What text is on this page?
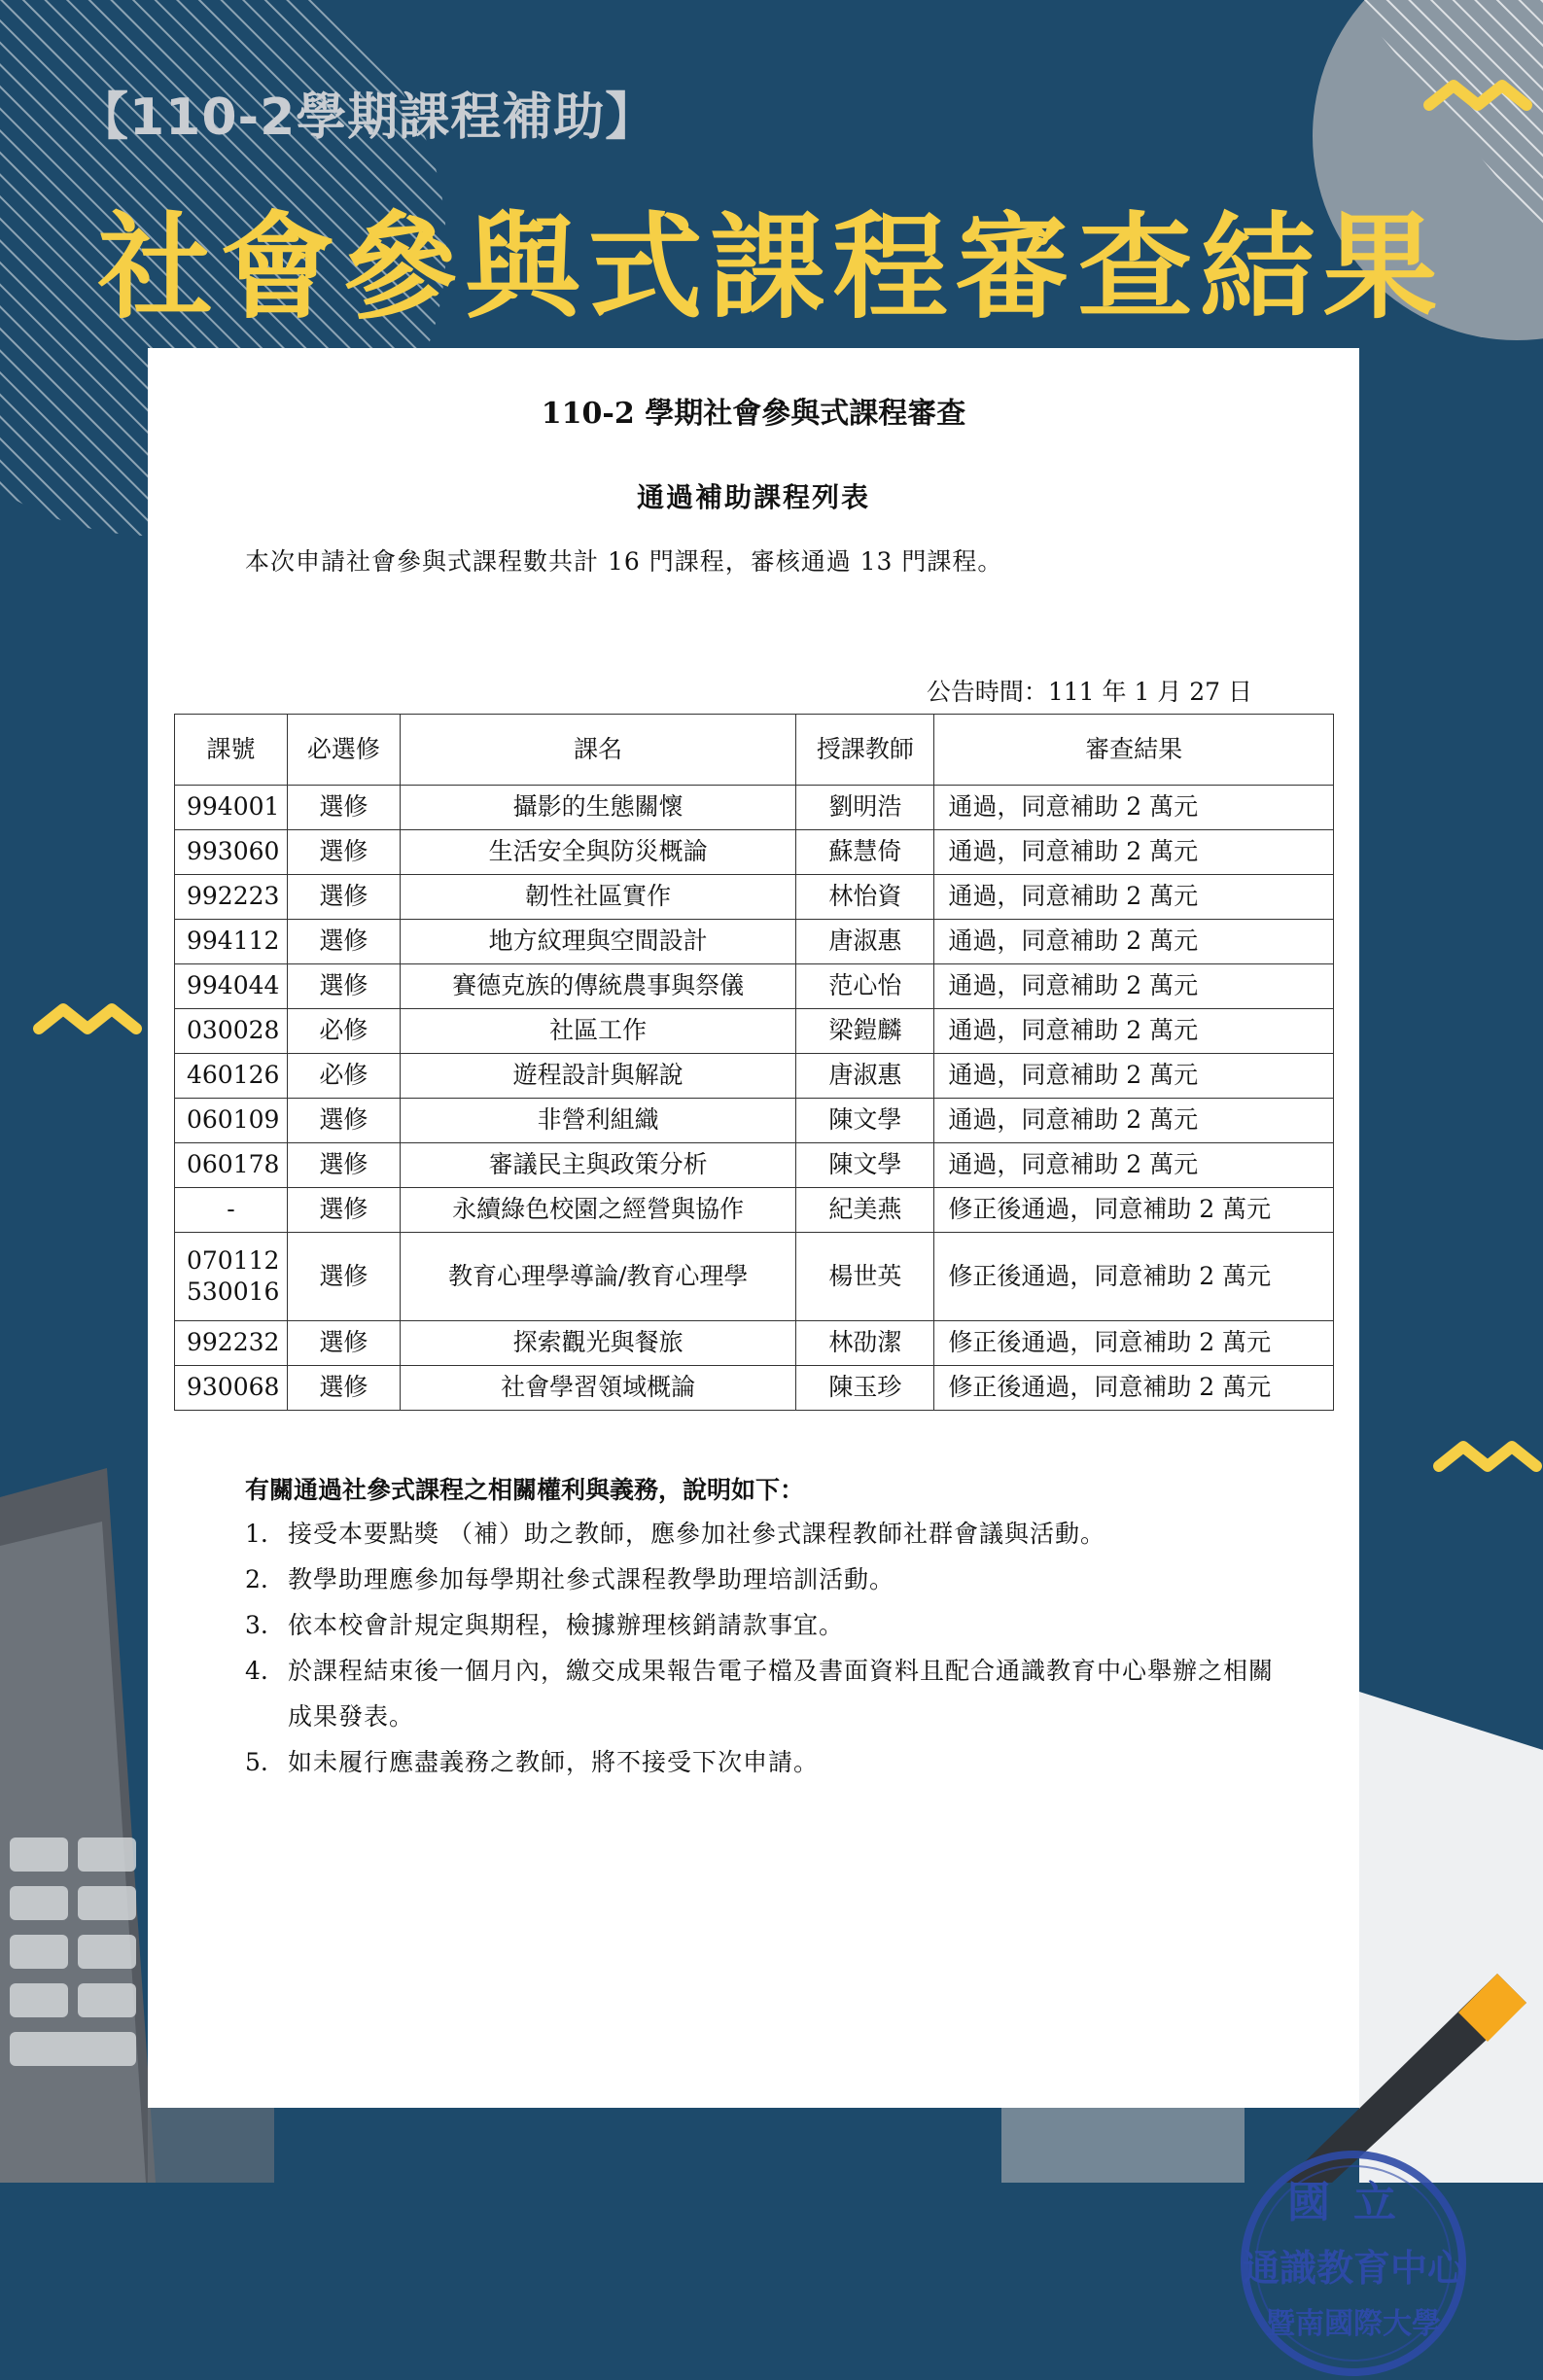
【110-2學期課程補助】
社會參與式課程審查結果
110-2 學期社會參與式課程審查
通過補助課程列表
本次申請社會參與式課程數共計 16 門課程，審核通過 13 門課程。
公告時間：111 年 1 月 27 日
課號	必選修	課名	授課教師	審查結果
994001	選修	攝影的生態關懷	劉明浩	通過，同意補助 2 萬元
993060	選修	生活安全與防災概論	蘇慧倚	通過，同意補助 2 萬元
992223	選修	韌性社區實作	林怡資	通過，同意補助 2 萬元
994112	選修	地方紋理與空間設計	唐淑惠	通過，同意補助 2 萬元
994044	選修	賽德克族的傳統農事與祭儀	范心怡	通過，同意補助 2 萬元
030028	必修	社區工作	梁鎧麟	通過，同意補助 2 萬元
460126	必修	遊程設計與解說	唐淑惠	通過，同意補助 2 萬元
060109	選修	非營利組織	陳文學	通過，同意補助 2 萬元
060178	選修	審議民主與政策分析	陳文學	通過，同意補助 2 萬元
-	選修	永續綠色校園之經營與協作	紀美燕	修正後通過，同意補助 2 萬元
070112
530016	選修	教育心理學導論/教育心理學	楊世英	修正後通過，同意補助 2 萬元
992232	選修	探索觀光與餐旅	林劭潔	修正後通過，同意補助 2 萬元
930068	選修	社會學習領域概論	陳玉珍	修正後通過，同意補助 2 萬元
有關通過社參式課程之相關權利與義務，說明如下：
1. 接受本要點獎 （補）助之教師，應參加社參式課程教師社群會議與活動。
2. 教學助理應參加每學期社參式課程教學助理培訓活動。
3. 依本校會計規定與期程，檢據辦理核銷請款事宜。
4. 於課程結束後一個月內，繳交成果報告電子檔及書面資料且配合通識教育中心舉辦之相關成果發表。
5. 如未履行應盡義務之教師，將不接受下次申請。
國立
通識教育中心
暨南國際大學
